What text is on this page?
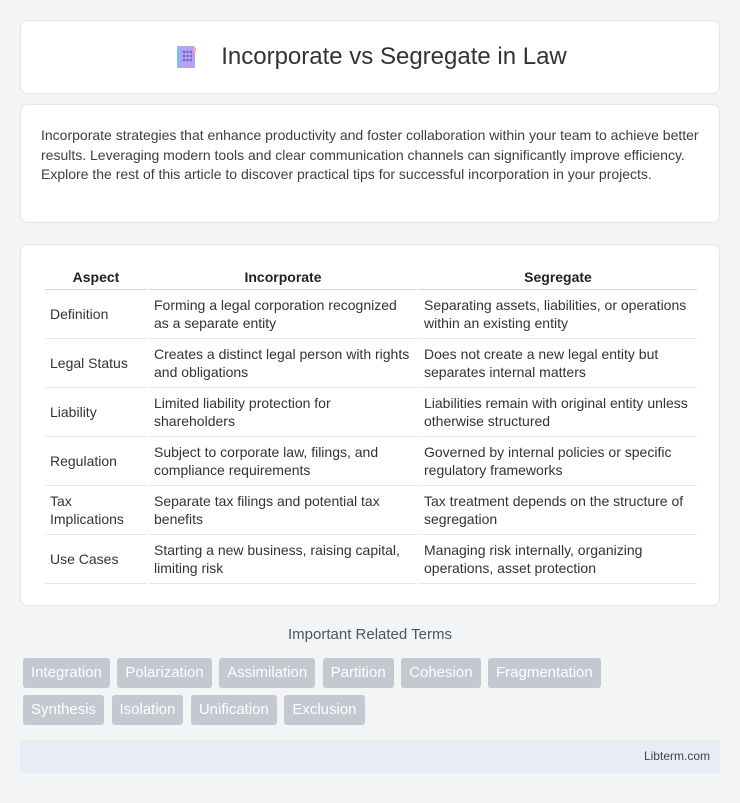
Incorporate vs Segregate in Law

Incorporate strategies that enhance productivity and foster collaboration within your team to achieve better results. Leveraging modern tools and clear communication channels can significantly improve efficiency. Explore the rest of this article to discover practical tips for successful incorporation in your projects.

Aspect	Incorporate	Segregate
Definition	Forming a legal corporation recognized as a separate entity	Separating assets, liabilities, or operations within an existing entity
Legal Status	Creates a distinct legal person with rights and obligations	Does not create a new legal entity but separates internal matters
Liability	Limited liability protection for shareholders	Liabilities remain with original entity unless otherwise structured
Regulation	Subject to corporate law, filings, and compliance requirements	Governed by internal policies or specific regulatory frameworks
Tax Implications	Separate tax filings and potential tax benefits	Tax treatment depends on the structure of segregation
Use Cases	Starting a new business, raising capital, limiting risk	Managing risk internally, organizing operations, asset protection
Important Related Terms
Integration Polarization Assimilation Partition Cohesion Fragmentation
Synthesis Isolation Unification Exclusion
Libterm.com
